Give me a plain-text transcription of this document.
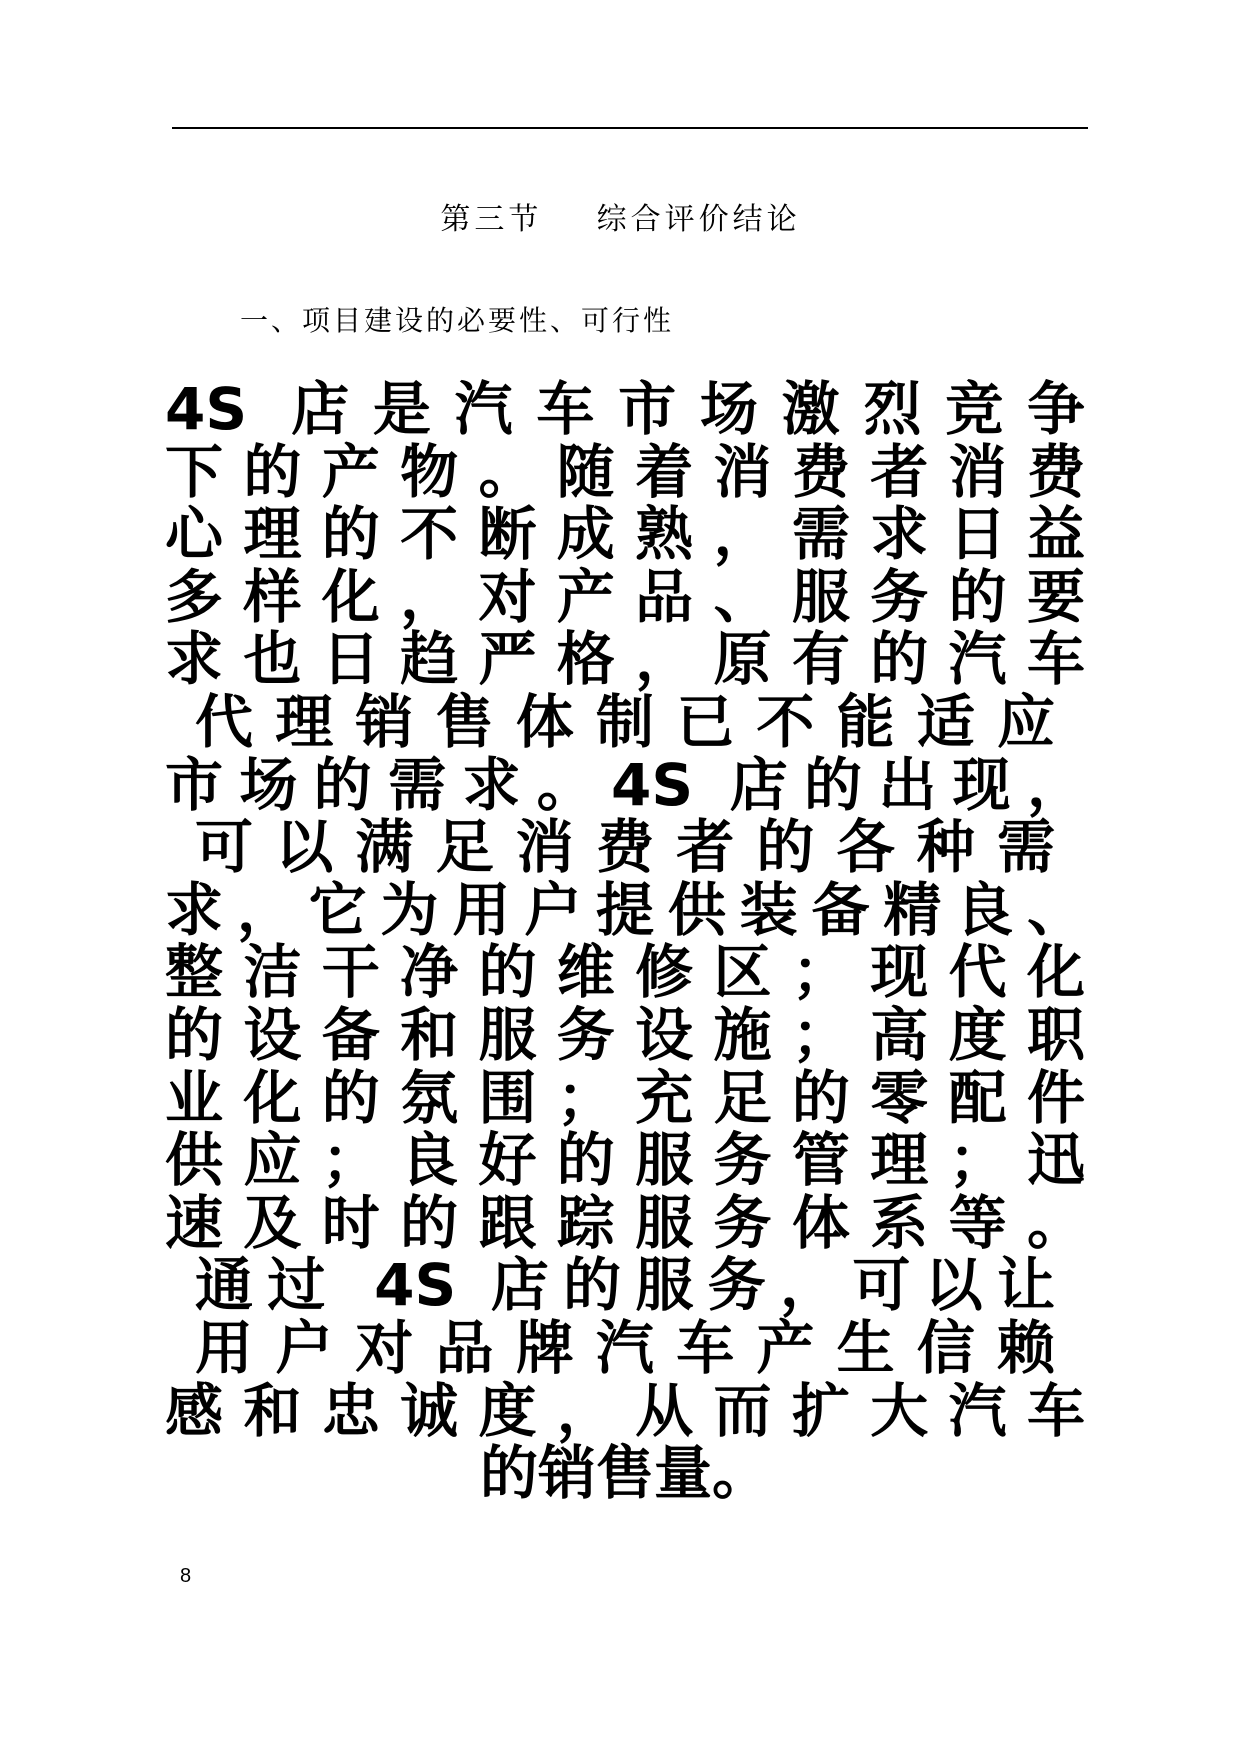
第三节    综合评价结论
一、项目建设的必要性、可行性
4S 店是汽车市场激烈竞争
下的产物。随着消费者消费
心理的不断成熟，需求日益
多样化，对产品、服务的要
求也日趋严格，原有的汽车
代理销售体制已不能适应
市场的需求。4S 店的出现，
可以满足消费者的各种需
求，它为用户提供装备精良、
整洁干净的维修区；现代化
的设备和服务设施；高度职
业化的氛围；充足的零配件
供应；良好的服务管理；迅
速及时的跟踪服务体系等。
通过 4S 店的服务，可以让
用户对品牌汽车产生信赖
感和忠诚度，从而扩大汽车
的销售量。
8
